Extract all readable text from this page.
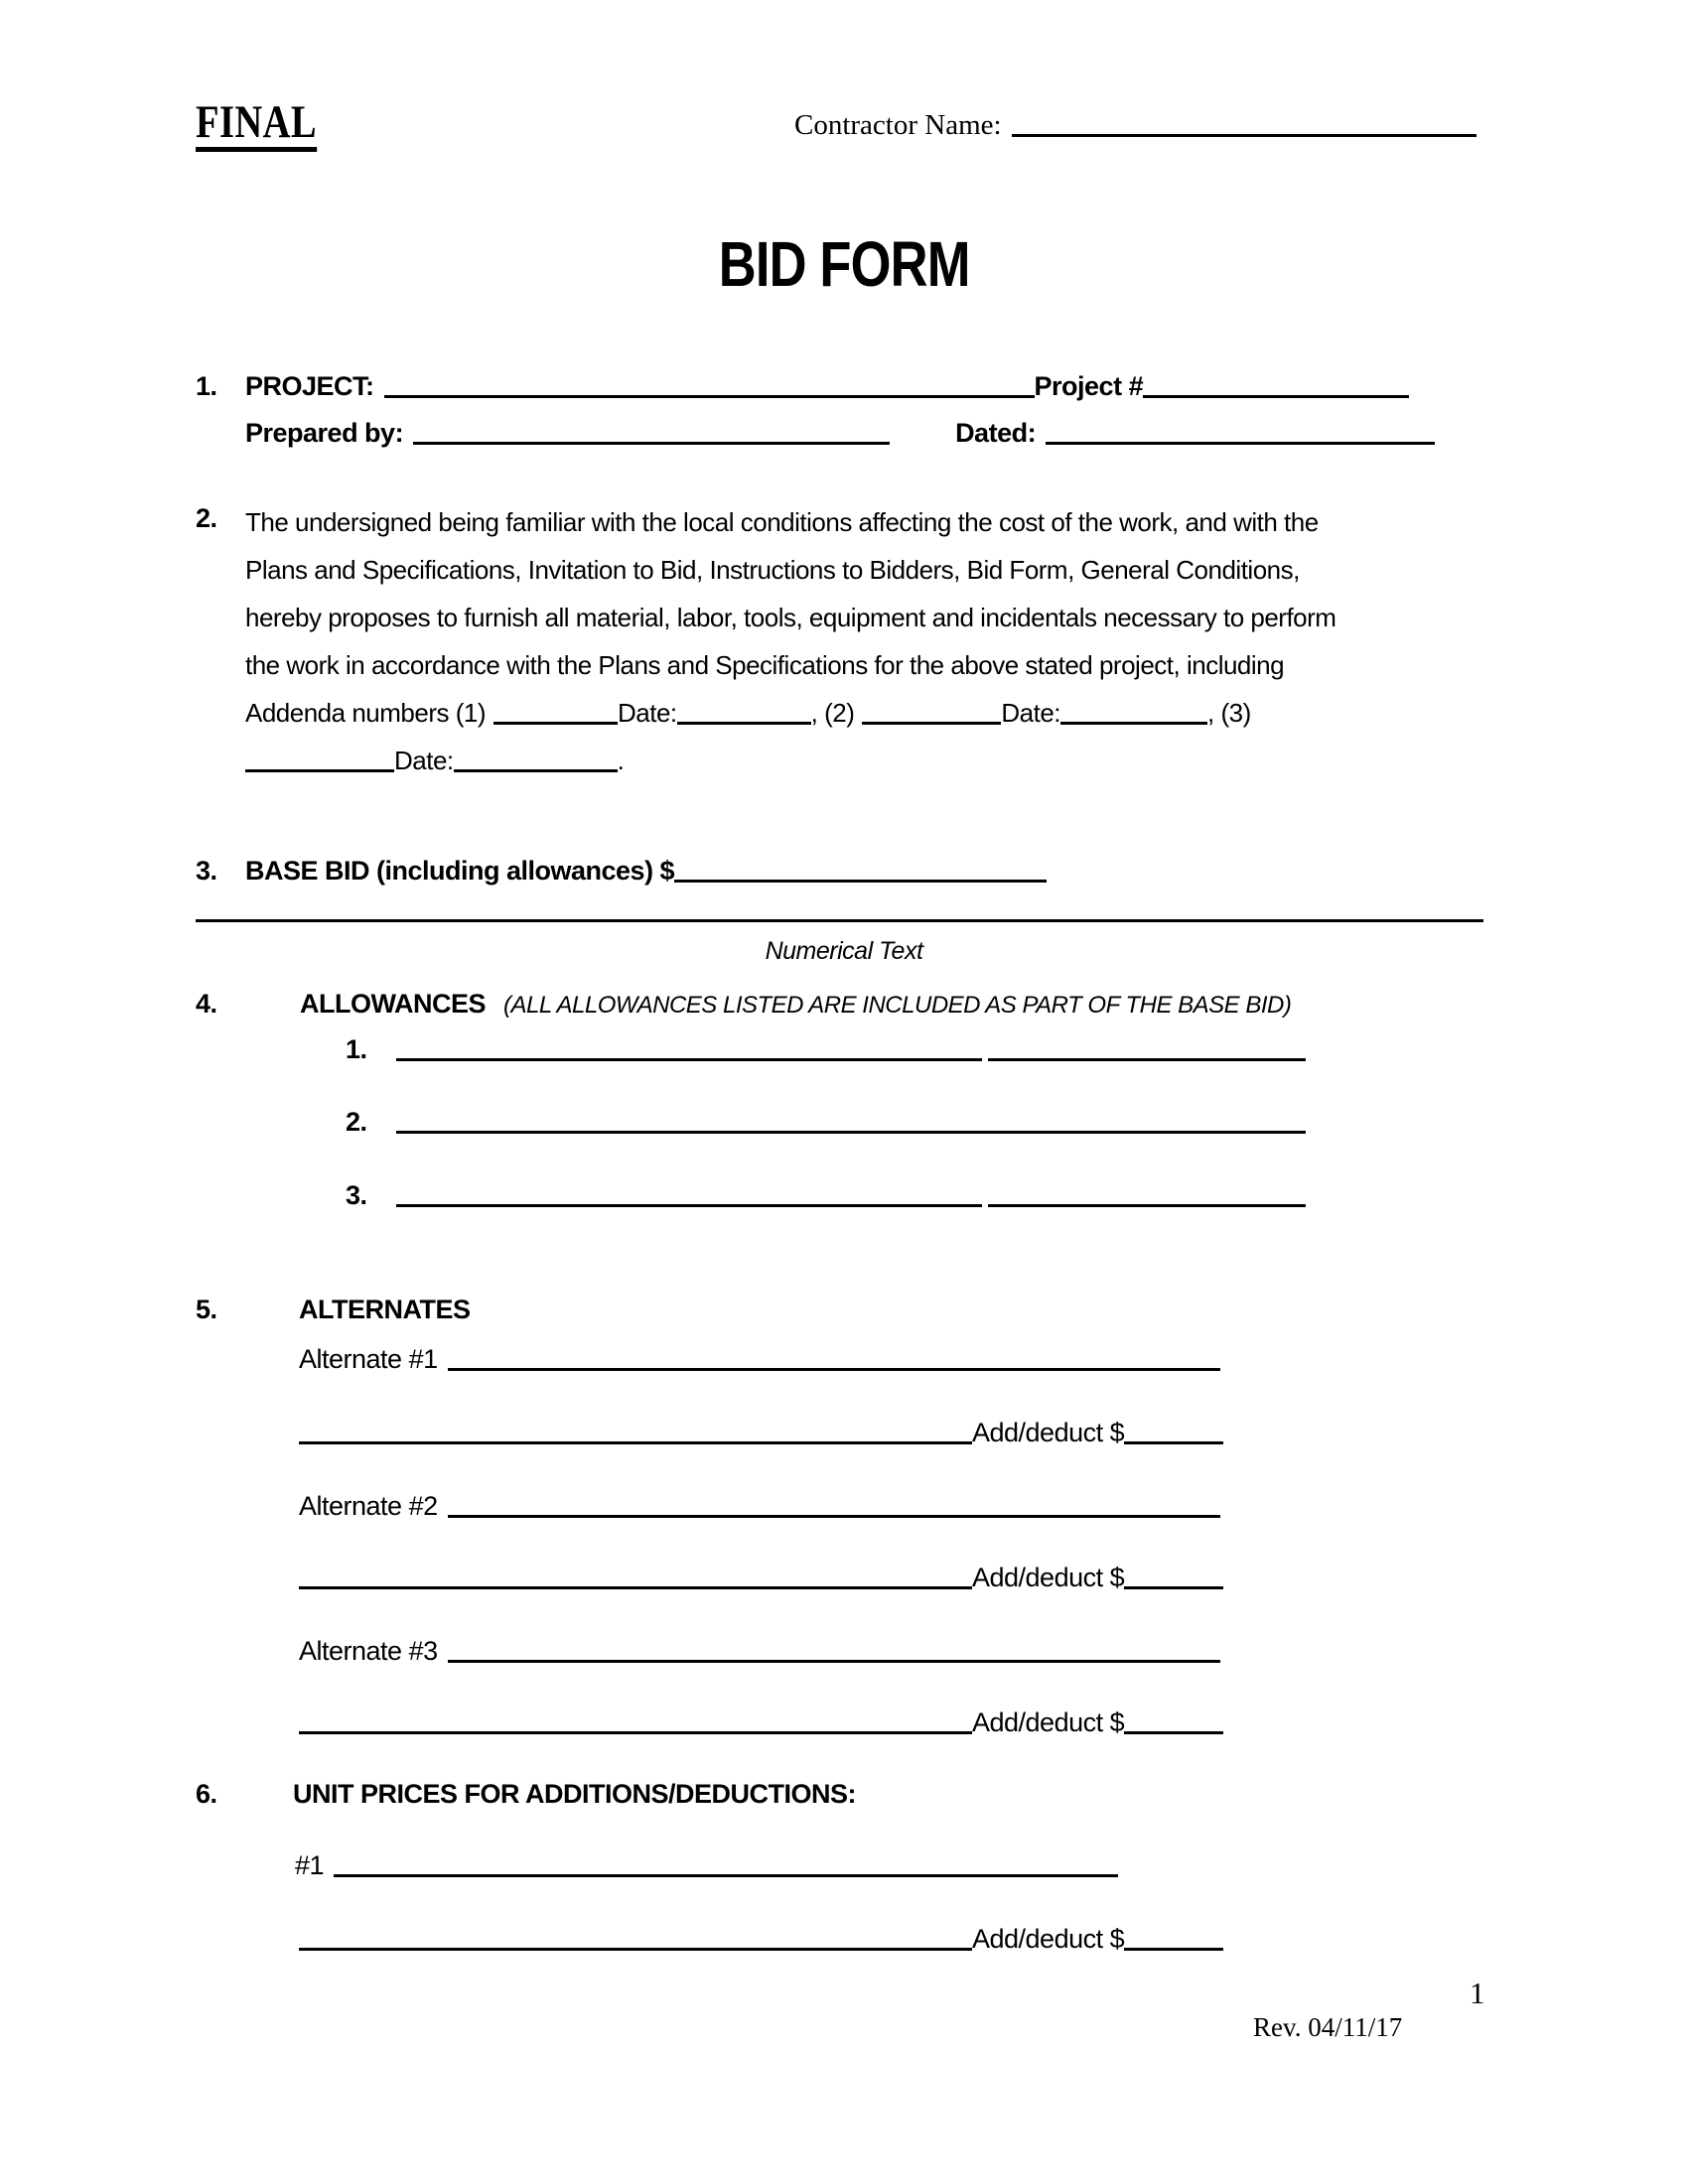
FINAL	Contractor Name:
BID FORM
1. PROJECT:	Project #
Prepared by:	Dated:
2. The undersigned being familiar with the local conditions affecting the cost of the work, and with the
Plans and Specifications, Invitation to Bid, Instructions to Bidders, Bid Form, General Conditions,
hereby proposes to furnish all material, labor, tools, equipment and incidentals necessary to perform
the work in accordance with the Plans and Specifications for the above stated project, including
Addenda numbers (1)	Date:	, (2)	Date:	, (3)
Date:	.
3. BASE BID (including allowances) $
Numerical Text
4.	ALLOWANCES (ALL ALLOWANCES LISTED ARE INCLUDED AS PART OF THE BASE BID)
1.
2.
3.
5.	ALTERNATES
Alternate #1
Add/deduct $
Alternate #2
Add/deduct $
Alternate #3
Add/deduct $
6.	UNIT PRICES FOR ADDITIONS/DEDUCTIONS:
#1
Add/deduct $
1
Rev. 04/11/17
